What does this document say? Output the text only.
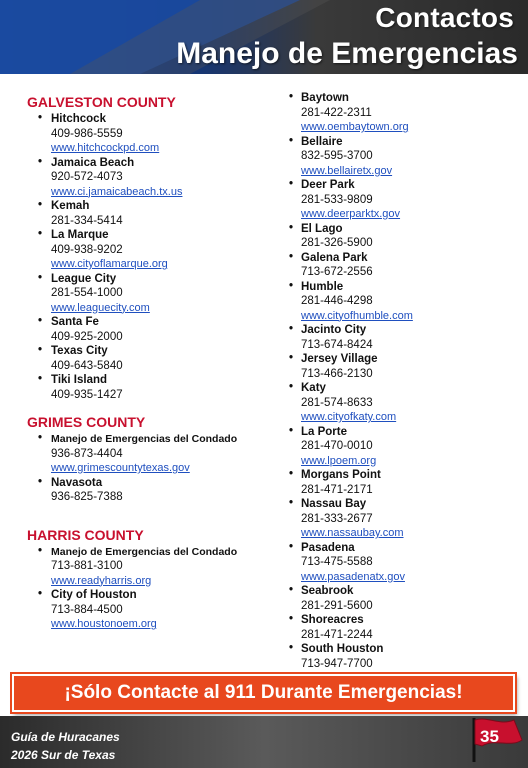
Contactos
Manejo de Emergencias
GALVESTON COUNTY
• Hitchcock
409-986-5559
www.hitchcockpd.com
• Jamaica Beach
920-572-4073
www.ci.jamaicabeach.tx.us
• Kemah
281-334-5414
• La Marque
409-938-9202
www.cityoflamarque.org
• League City
281-554-1000
www.leaguecity.com
• Santa Fe
409-925-2000
• Texas City
409-643-5840
• Tiki Island
409-935-1427
GRIMES COUNTY
• Manejo de Emergencias del Condado
936-873-4404
www.grimescountytexas.gov
• Navasota
936-825-7388
HARRIS COUNTY
• Manejo de Emergencias del Condado
713-881-3100
www.readyharris.org
• City of Houston
713-884-4500
www.houstonoem.org
• Baytown
281-422-2311
www.oembaytown.org
• Bellaire
832-595-3700
www.bellairetx.gov
• Deer Park
281-533-9809
www.deerparktx.gov
• El Lago
281-326-5900
• Galena Park
713-672-2556
• Humble
281-446-4298
www.cityofhumble.com
• Jacinto City
713-674-8424
• Jersey Village
713-466-2130
• Katy
281-574-8633
www.cityofkaty.com
• La Porte
281-470-0010
www.lpoem.org
• Morgans Point
281-471-2171
• Nassau Bay
281-333-2677
www.nassaubay.com
• Pasadena
713-475-5588
www.pasadenatx.gov
• Seabrook
281-291-5600
• Shoreacres
281-471-2244
• South Houston
713-947-7700
¡Sólo Contacte al 911 Durante Emergencias!
Guía de Huracanes
2026 Sur de Texas
35
